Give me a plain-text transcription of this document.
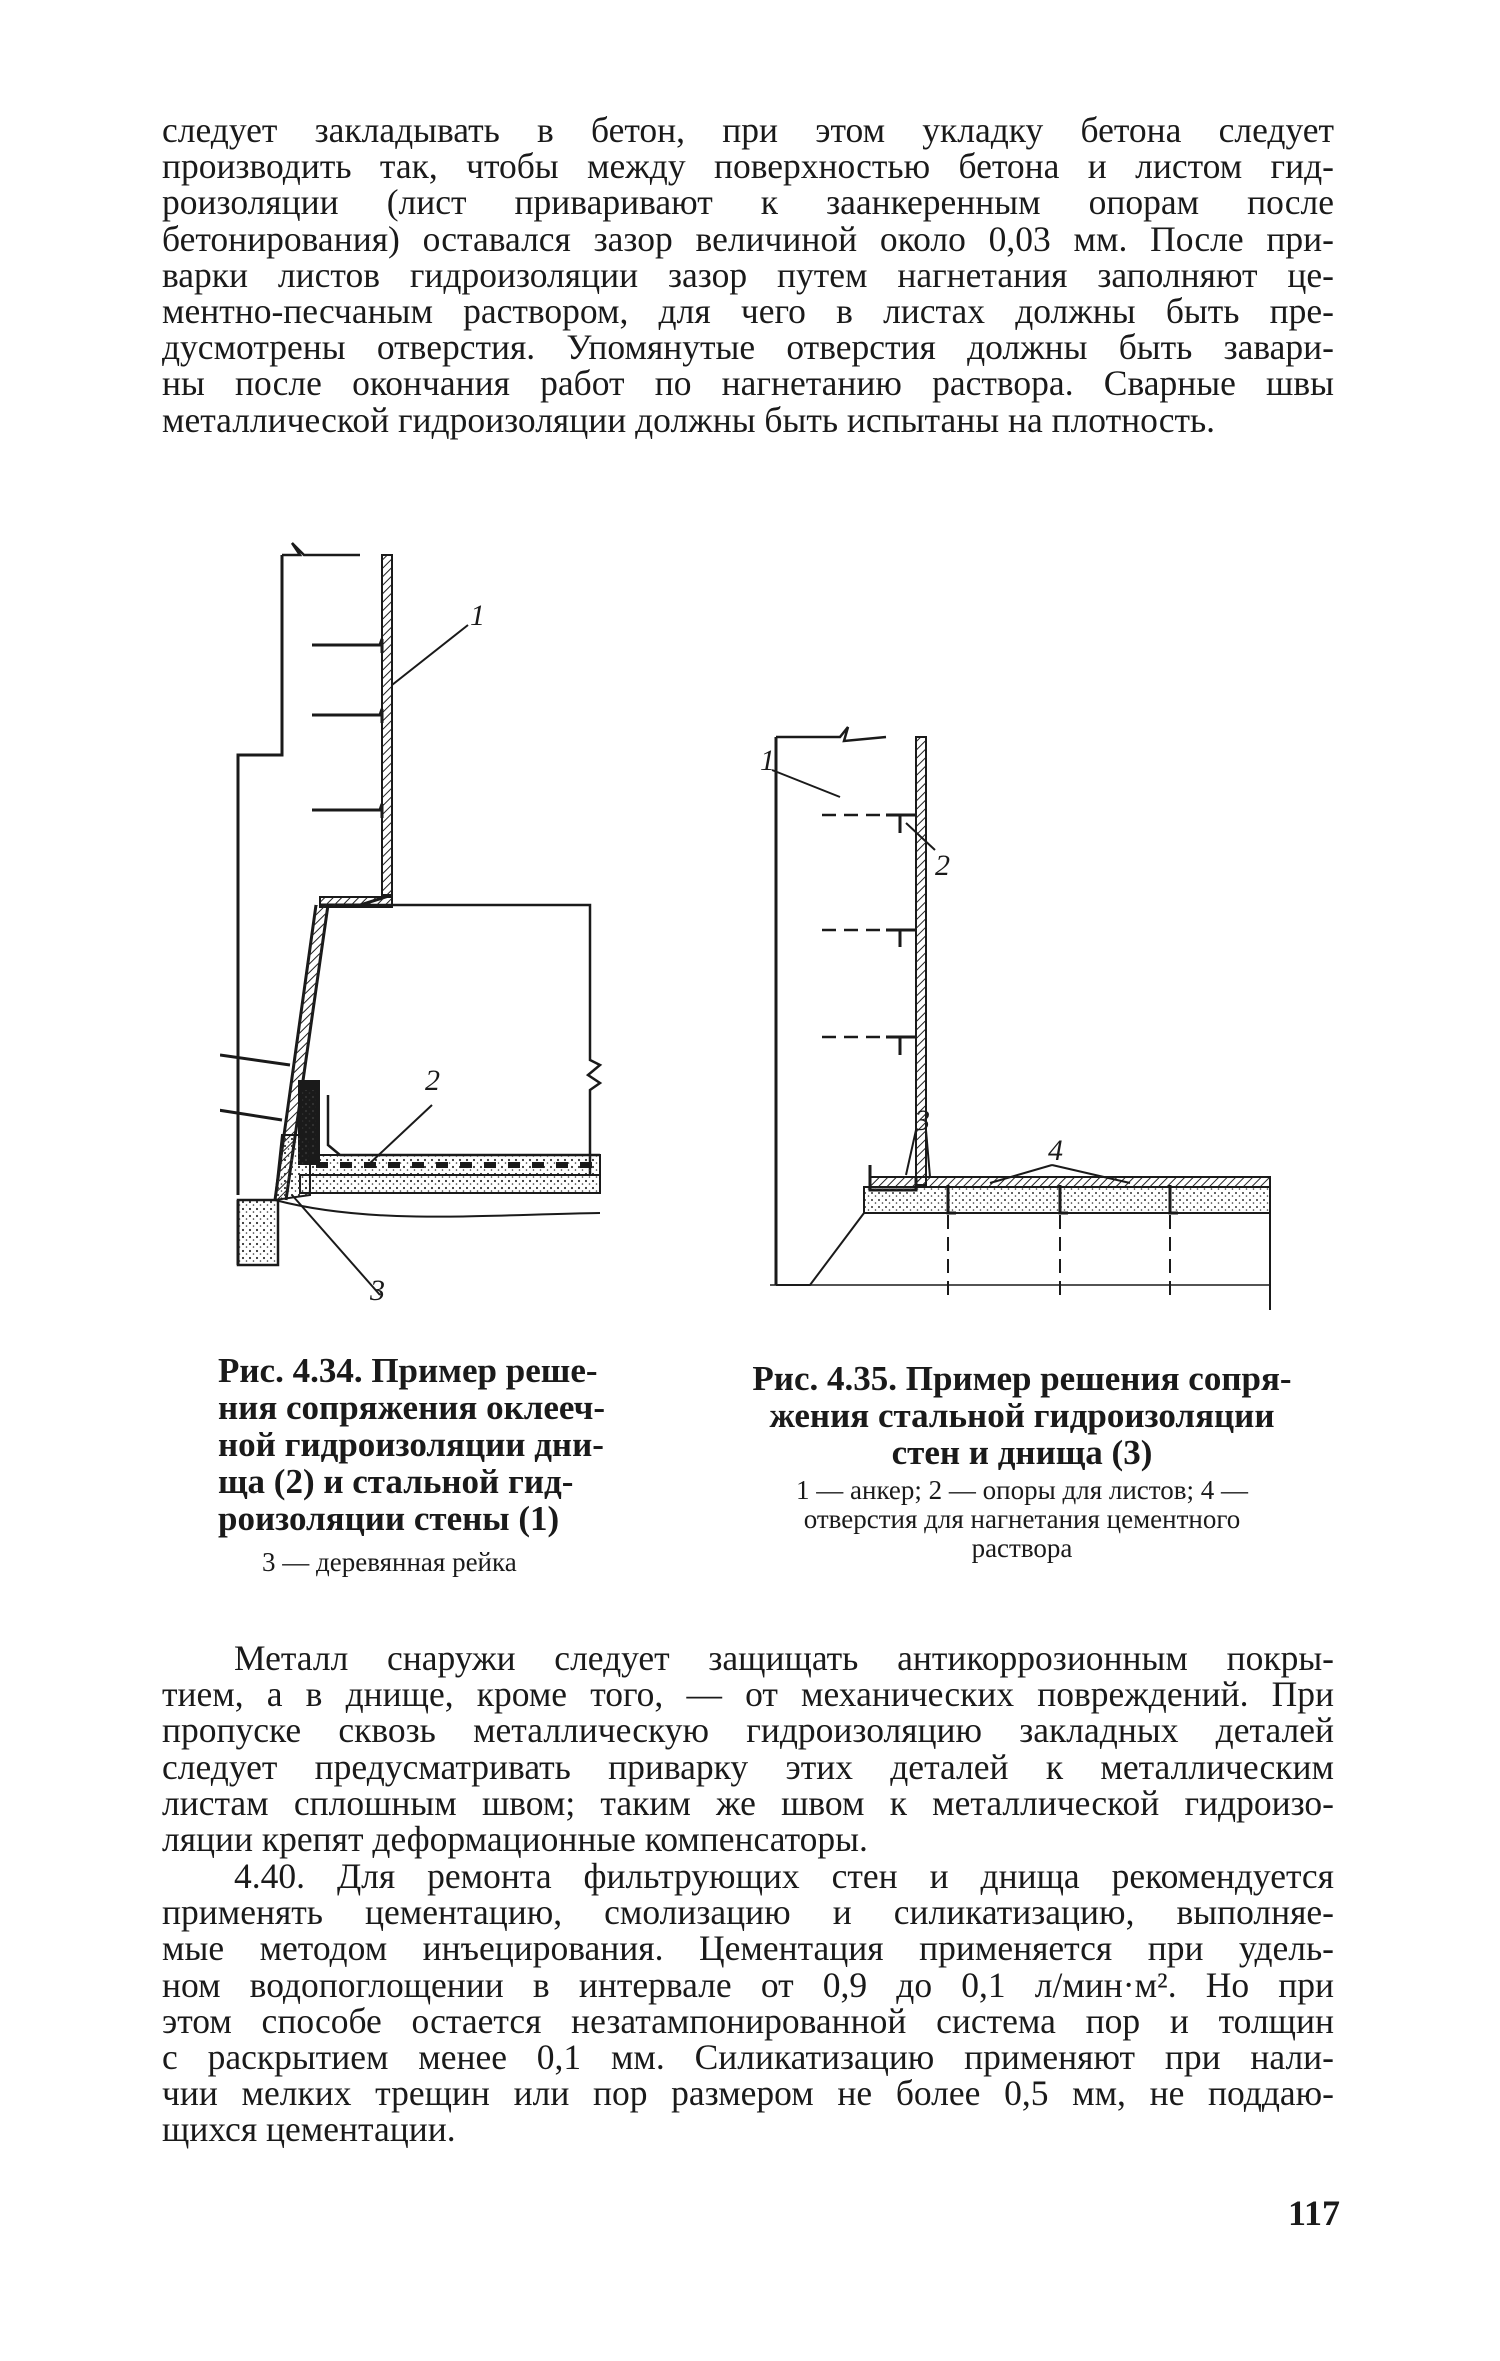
следует закладывать в бетон, при этом укладку бетона следует
производить так, чтобы между поверхностью бетона и листом гид-
роизоляции (лист приваривают к заанкеренным опорам после
бетонирования) оставался зазор величиной около 0,03 мм. После при-
варки листов гидроизоляции зазор путем нагнетания заполняют це-
ментно-песчаным раствором, для чего в листах должны быть пре-
дусмотрены отверстия. Упомянутые отверстия должны быть завари-
ны после окончания работ по нагнетанию раствора. Сварные швы
металлической гидроизоляции должны быть испытаны на плотность.

1
2
3
1
2
3
4
Рис. 4.34. Пример реше-
ния сопряжения оклееч-
ной гидроизоляции дни-
ща (2) и стальной гид-
роизоляции стены (1)
3 — деревянная рейка
Рис. 4.35. Пример решения сопря-
жения стальной гидроизоляции
стен и днища (3)
1 — анкер; 2 — опоры для листов; 4 —
отверстия для нагнетания цементного
раствора

Металл снаружи следует защищать антикоррозионным покры-
тием, а в днище, кроме того, — от механических повреждений. При
пропуске сквозь металлическую гидроизоляцию закладных деталей
следует предусматривать приварку этих деталей к металлическим
листам сплошным швом; таким же швом к металлической гидроизо-
ляции крепят деформационные компенсаторы.

4.40. Для ремонта фильтрующих стен и днища рекомендуется
применять цементацию, смолизацию и силикатизацию, выполняе-
мые методом инъецирования. Цементация применяется при удель-
ном водопоглощении в интервале от 0,9 до 0,1 л/мин·м². Но при
этом способе остается незатампонированной система пор и толщин
с раскрытием менее 0,1 мм. Силикатизацию применяют при нали-
чии мелких трещин или пор размером не более 0,5 мм, не поддаю-
щихся цементации.

117
